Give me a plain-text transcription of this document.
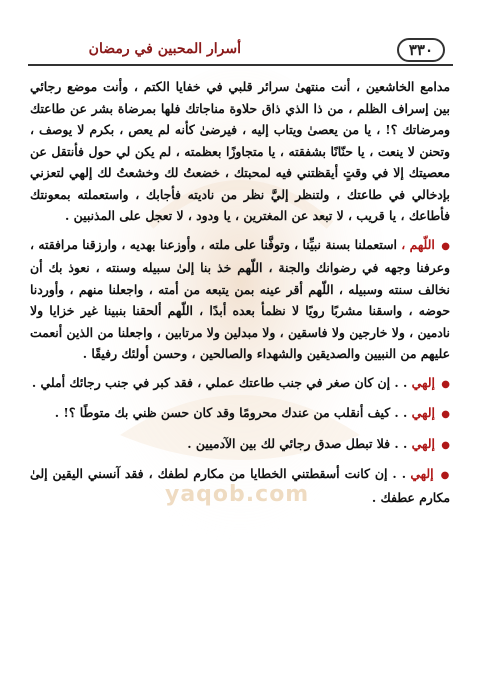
yaqob.com
أسرار المحبين في رمضان	٣٣٠

مدامع الخاشعين ، أنت منتهىٰ سرائر قلبي في خفايا الكتم ، وأنت موضع رجائي بين إسراف الظلم ، من ذا الذي ذاق حلاوة مناجاتك فلها بمرضاة بشر عن طاعتك ومرضاتك ؟! ، يا من يعصىٰ ويتاب إليه ، فيرضىٰ كأنه لم يعص ، بكرم لا يوصف ، وتحنن لا ينعت ، يا حنّانًا بشفقته ، يا متجاوزًا بعظمته ، لم يكن لي حول فأنتقل عن معصيتك إلا في وقتٍ أيقظتني فيه لمحبتك ، خضعتُ لك وخشعتُ لك إلهي لتعزني بإدخالي في طاعتك ، ولتنظر إليَّ نظر من ناديته فأجابك ، واستعملته بمعونتك فأطاعك ، يا قريب ، لا تبعد عن المغترين ، يا ودود ، لا تعجل على المذنبين .

● اللّهم ، استعملنا بسنة نبيِّنا ، وتوفَّنا على ملته ، وأوزعنا بهديه ، وارزقنا مرافقته ، وعرفنا وجهه في رضوانك والجنة ، اللّهم خذ بنا إلىٰ سبيله وسنته ، نعوذ بك أن نخالف سنته وسبيله ، اللّهم أقر عينه بمن يتبعه من أمته ، واجعلنا منهم ، وأوردنا حوضه ، واسقنا مشربًا رويًا لا نظمأ بعده أبدًا ، اللّهم ألحقنا بنبينا غير خزايا ولا نادمين ، ولا خارجين ولا فاسقين ، ولا مبدلين ولا مرتابين ، واجعلنا من الذين أنعمت عليهم من النبيين والصديقين والشهداء والصالحين ، وحسن أولئك رفيقًا .

● إلهي . . إن كان صغر في جنب طاعتك عملي ، فقد كبر في جنب رجائك أملي .

● إلهي . . كيف أنقلب من عندك محرومًا وقد كان حسن ظني بك متوطًا ؟! .

● إلهي . . فلا تبطل صدق رجائي لك بين الآدميين .

● إلهي . . إن كانت أسقطتني الخطايا من مكارم لطفك ، فقد آنسني اليقين إلىٰ مكارم عطفك .
